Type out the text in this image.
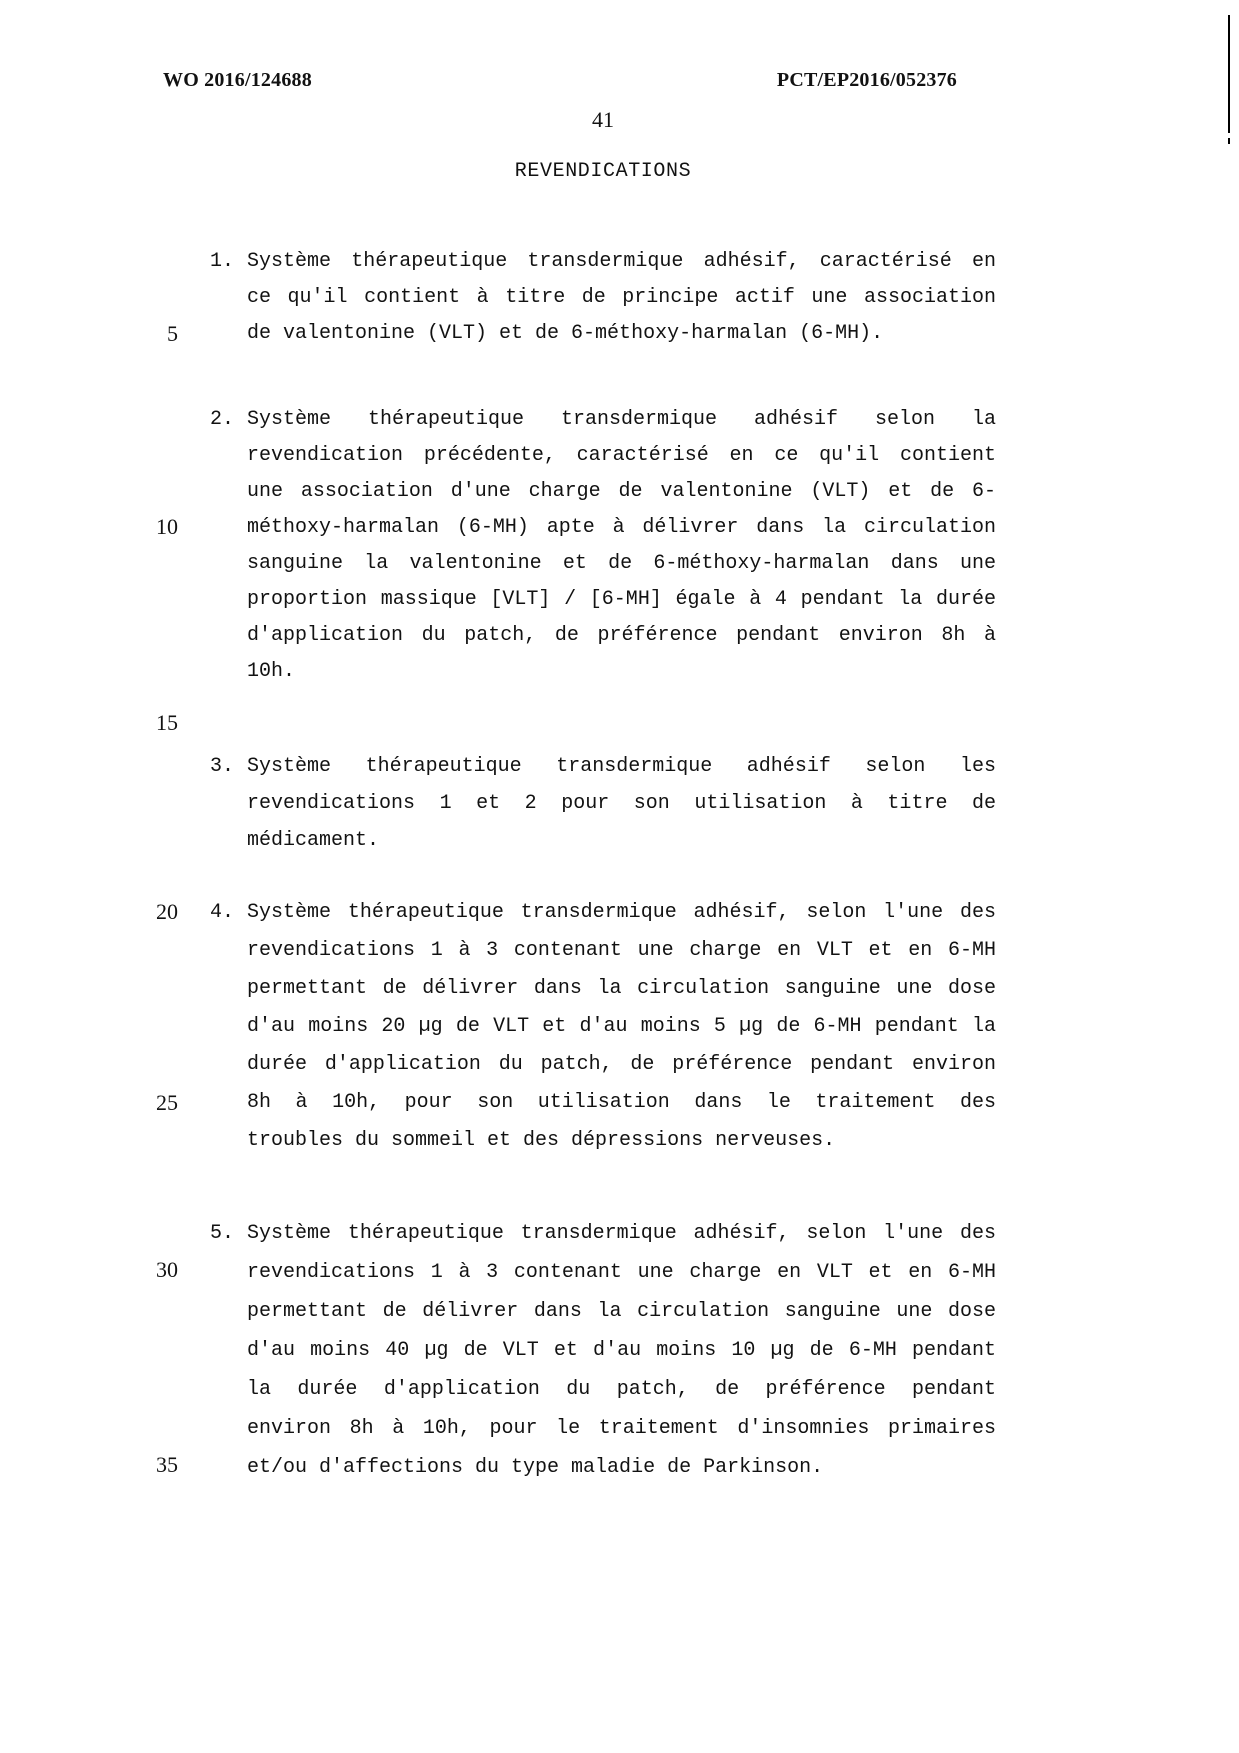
WO 2016/124688	PCT/EP2016/052376
41
REVENDICATIONS
5
10
15
20
25
30
35
1. Système thérapeutique transdermique adhésif, caractérisé en
ce qu'il contient à titre de principe actif une association
de valentonine (VLT) et de 6-méthoxy-harmalan (6-MH).
2. Système thérapeutique transdermique adhésif selon la
revendication précédente, caractérisé en ce qu'il contient
une association d'une charge de valentonine (VLT) et de 6-
méthoxy-harmalan (6-MH) apte à délivrer dans la circulation
sanguine la valentonine et de 6-méthoxy-harmalan dans une
proportion massique [VLT] / [6-MH] égale à 4 pendant la durée
d'application du patch, de préférence pendant environ 8h à
10h.
3. Système thérapeutique transdermique adhésif selon les
revendications 1 et 2 pour son utilisation à titre de
médicament.
4. Système thérapeutique transdermique adhésif, selon l'une des
revendications 1 à 3 contenant une charge en VLT et en 6-MH
permettant de délivrer dans la circulation sanguine une dose
d'au moins 20 µg de VLT et d'au moins 5 µg de 6-MH pendant la
durée d'application du patch, de préférence pendant environ
8h à 10h, pour son utilisation dans le traitement des
troubles du sommeil et des dépressions nerveuses.
5. Système thérapeutique transdermique adhésif, selon l'une des
revendications 1 à 3 contenant une charge en VLT et en 6-MH
permettant de délivrer dans la circulation sanguine une dose
d'au moins 40 µg de VLT et d'au moins 10 µg de 6-MH pendant
la durée d'application du patch, de préférence pendant
environ 8h à 10h, pour le traitement d'insomnies primaires
et/ou d'affections du type maladie de Parkinson.
